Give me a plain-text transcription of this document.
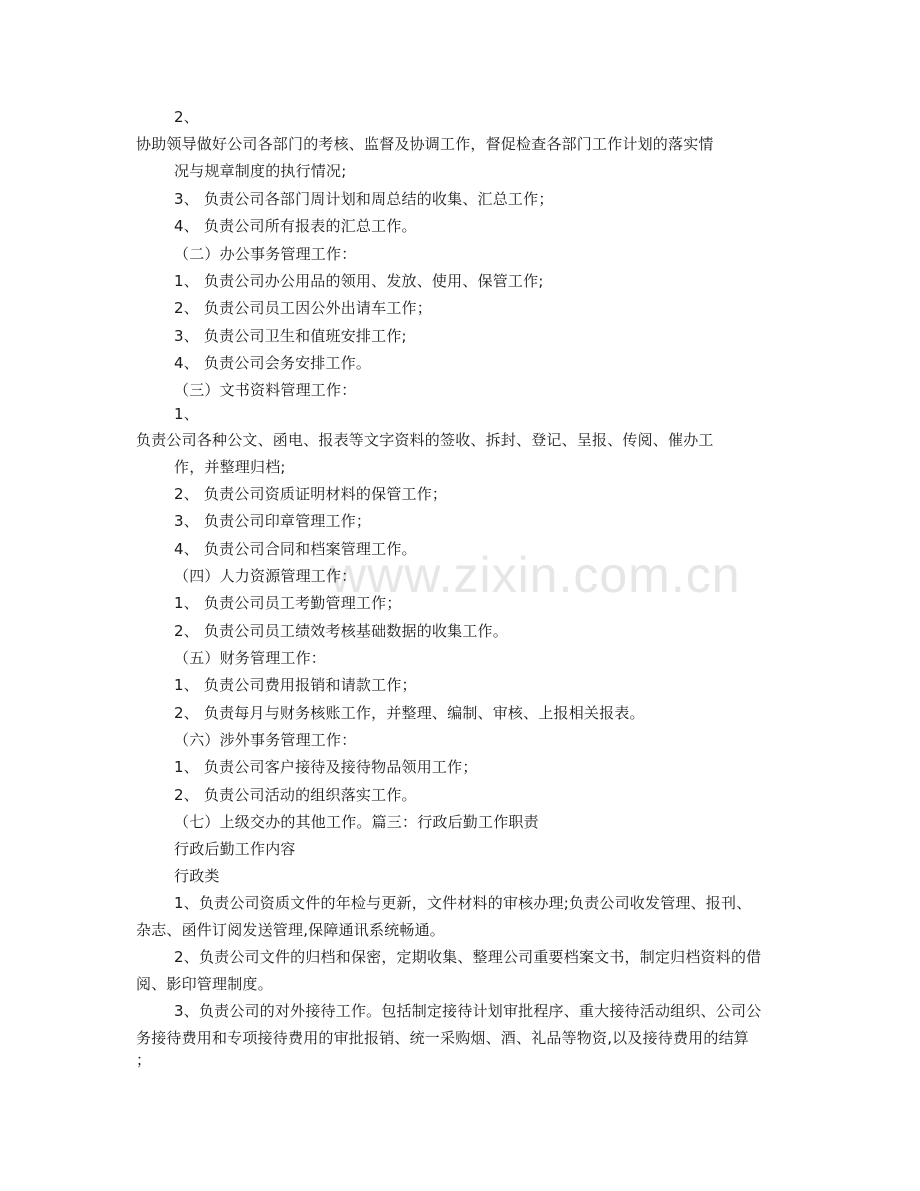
www.zixin.com.cn
2、
协助领导做好公司各部门的考核、监督及协调工作，督促检查各部门工作计划的落实情
况与规章制度的执行情况;
3、 负责公司各部门周计划和周总结的收集、汇总工作；
4、 负责公司所有报表的汇总工作。
（二）办公事务管理工作：
1、 负责公司办公用品的领用、发放、使用、保管工作;
2、 负责公司员工因公外出请车工作；
3、 负责公司卫生和值班安排工作;
4、 负责公司会务安排工作。
（三）文书资料管理工作：
1、
负责公司各种公文、函电、报表等文字资料的签收、拆封、登记、呈报、传阅、催办工
作，并整理归档;
2、 负责公司资质证明材料的保管工作；
3、 负责公司印章管理工作；
4、 负责公司合同和档案管理工作。
（四）人力资源管理工作：
1、 负责公司员工考勤管理工作；
2、 负责公司员工绩效考核基础数据的收集工作。
（五）财务管理工作：
1、 负责公司费用报销和请款工作；
2、 负责每月与财务核账工作，并整理、编制、审核、上报相关报表。
（六）涉外事务管理工作：
1、 负责公司客户接待及接待物品领用工作；
2、 负责公司活动的组织落实工作。
（七）上级交办的其他工作。篇三：行政后勤工作职责
行政后勤工作内容
行政类
1、负责公司资质文件的年检与更新，文件材料的审核办理;负责公司收发管理、报刊、
杂志、函件订阅发送管理,保障通讯系统畅通。
2、负责公司文件的归档和保密，定期收集、整理公司重要档案文书，制定归档资料的借
阅、影印管理制度。
3、负责公司的对外接待工作。包括制定接待计划审批程序、重大接待活动组织、公司公
务接待费用和专项接待费用的审批报销、统一采购烟、酒、礼品等物资,以及接待费用的结算
；
